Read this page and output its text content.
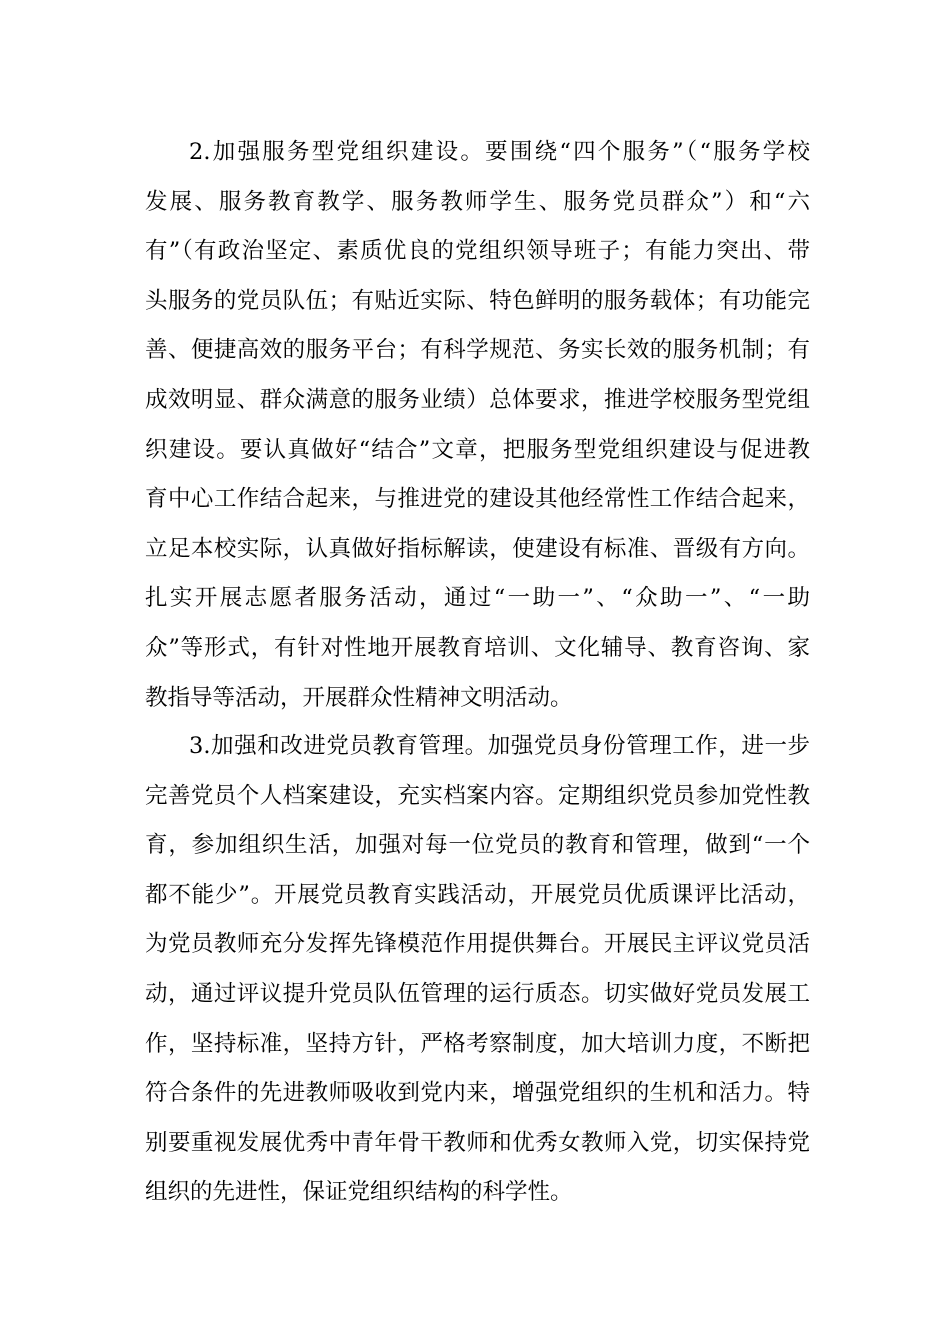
2.加强服务型党组织建设。要围绕“四个服务”（“服务学校
发展、服务教育教学、服务教师学生、服务党员群众”）和“六
有”（有政治坚定、素质优良的党组织领导班子；有能力突出、带
头服务的党员队伍；有贴近实际、特色鲜明的服务载体；有功能完
善、便捷高效的服务平台；有科学规范、务实长效的服务机制；有
成效明显、群众满意的服务业绩）总体要求，推进学校服务型党组
织建设。要认真做好“结合”文章，把服务型党组织建设与促进教
育中心工作结合起来，与推进党的建设其他经常性工作结合起来，
立足本校实际，认真做好指标解读，使建设有标准、晋级有方向。
扎实开展志愿者服务活动，通过“一助一”、“众助一”、“一助
众”等形式，有针对性地开展教育培训、文化辅导、教育咨询、家
教指导等活动，开展群众性精神文明活动。
3.加强和改进党员教育管理。加强党员身份管理工作，进一步
完善党员个人档案建设，充实档案内容。定期组织党员参加党性教
育，参加组织生活，加强对每一位党员的教育和管理，做到“一个
都不能少”。开展党员教育实践活动，开展党员优质课评比活动，
为党员教师充分发挥先锋模范作用提供舞台。开展民主评议党员活
动，通过评议提升党员队伍管理的运行质态。切实做好党员发展工
作，坚持标准，坚持方针，严格考察制度，加大培训力度，不断把
符合条件的先进教师吸收到党内来，增强党组织的生机和活力。特
别要重视发展优秀中青年骨干教师和优秀女教师入党，切实保持党
组织的先进性，保证党组织结构的科学性。
